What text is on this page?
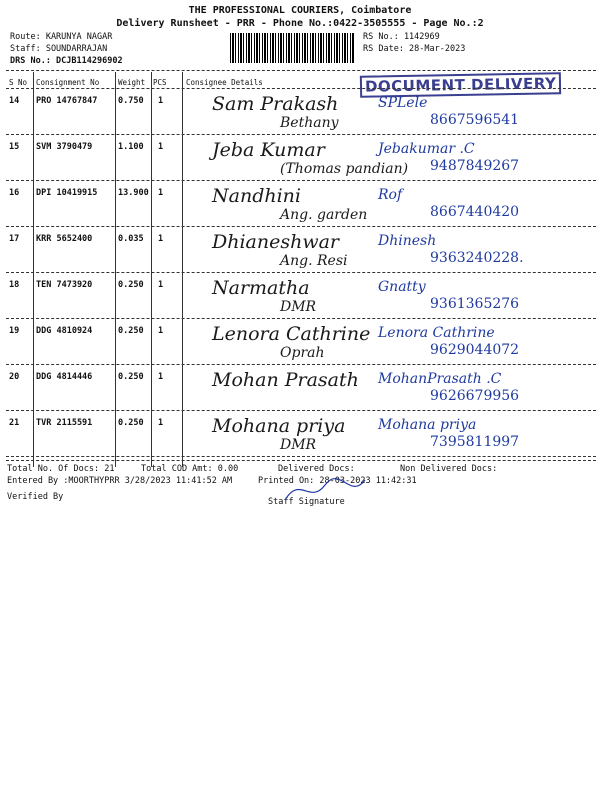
THE PROFESSIONAL COURIERS, Coimbatore
Delivery Runsheet - PRR - Phone No.:0422-3505555 - Page No.:2
Route: KARUNYA NAGAR
Staff: SOUNDARRAJAN
DRS No.: DCJB114296902
RS No.: 1142969
RS Date: 28-Mar-2023
S No Consignment No	Weight PCS	Consignee Details	DOCUMENT DELIVERY
14 PRO 14767847 0.750 1	Sam Prakash
Bethany
SPLele
8667596541
15 SVM 3790479	1.100 1	Jeba Kumar
(Thomas pandian)
Jebakumar .C
9487849267
16 DPI 10419915 13.900 1	Nandhini
Ang. garden
Rof
8667440420
17 KRR 5652400	0.035 1	Dhianeshwar
Ang. Resi
Dhinesh
9363240228.
18 TEN 7473920	0.250 1	Narmatha
DMR
Gnatty
9361365276
19 DDG 4810924	0.250 1	Lenora Cathrine
Oprah
Lenora Cathrine
9629044072
20 DDG 4814446	0.250 1	Mohan Prasath MohanPrasath .C
9626679956
21 TVR 2115591	0.250 1	Mohana priya
DMR
Mohana priya
7395811997
Total No. Of Docs: 21	Total COD Amt: 0.00	Delivered Docs:	Non Delivered Docs:
Entered By :MOORTHYPRR 3/28/2023 11:41:52 AM	Printed On: 28-03-2023 11:42:31
Verified By	Staff Signature
